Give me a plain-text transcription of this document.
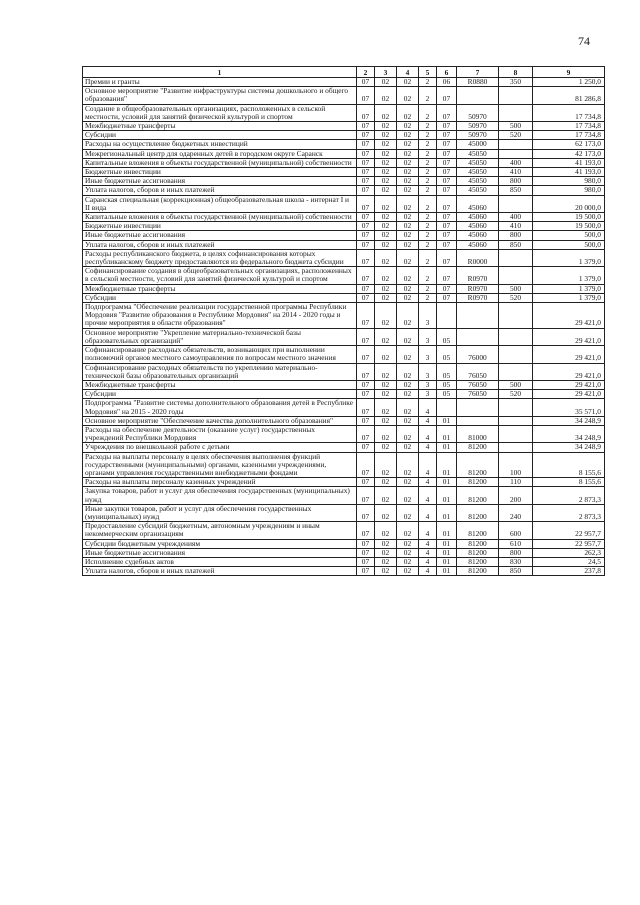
74
1	2	3	4	5	6	7	8	9
Премии и гранты	07	02	02	2	06	R0880	350	1 250,0
Основное мероприятие "Развитие инфраструктуры системы дошкольного и общего образования"	07	02	02	2	07			81 286,8
Создание в общеобразовательных организациях, расположенных в сельской местности, условий для занятий физической культурой и спортом	07	02	02	2	07	50970		17 734,8
Межбюджетные трансферты	07	02	02	2	07	50970	500	17 734,8
Субсидии	07	02	02	2	07	50970	520	17 734,8
Расходы на осуществление бюджетных инвестиций	07	02	02	2	07	45000		62 173,0
Межрегиональный центр для одаренных детей в городском округе Саранск	07	02	02	2	07	45050		42 173,0
Капитальные вложения в объекты государственной (муниципальной) собственности	07	02	02	2	07	45050	400	41 193,0
Бюджетные инвестиции	07	02	02	2	07	45050	410	41 193,0
Иные бюджетные ассигнования	07	02	02	2	07	45050	800	980,0
Уплата налогов, сборов и иных платежей	07	02	02	2	07	45050	850	980,0
Саранская специальная (коррекционная) общеобразовательная школа - интернат I и II вида	07	02	02	2	07	45060		20 000,0
Капитальные вложения в объекты государственной (муниципальной) собственности	07	02	02	2	07	45060	400	19 500,0
Бюджетные инвестиции	07	02	02	2	07	45060	410	19 500,0
Иные бюджетные ассигнования	07	02	02	2	07	45060	800	500,0
Уплата налогов, сборов и иных платежей	07	02	02	2	07	45060	850	500,0
Расходы республиканского бюджета, в целях софинансирования которых республиканскому бюджету предоставляются из федерального бюджета субсидии	07	02	02	2	07	R0000		1 379,0
Софинансирование создания в общеобразовательных организациях, расположенных в сельской местности, условий для занятий физической культурой и спортом	07	02	02	2	07	R0970		1 379,0
Межбюджетные трансферты	07	02	02	2	07	R0970	500	1 379,0
Субсидии	07	02	02	2	07	R0970	520	1 379,0
Подпрограмма "Обеспечение реализации государственной программы Республики Мордовия "Развитие образования в Республике Мордовия" на 2014 - 2020 годы и прочие мероприятия в области образования"	07	02	02	3				29 421,0
Основное мероприятие "Укрепление материально-технической базы образовательных организаций"	07	02	02	3	05			29 421,0
Софинансирование расходных обязательств, возникающих при выполнении полномочий органов местного самоуправления по вопросам местного значения	07	02	02	3	05	76000		29 421,0
Софинансирование расходных обязательств по укреплению материально-технической базы образовательных организаций	07	02	02	3	05	76050		29 421,0
Межбюджетные трансферты	07	02	02	3	05	76050	500	29 421,0
Субсидии	07	02	02	3	05	76050	520	29 421,0
Подпрограмма "Развитие системы дополнительного образования детей в Республике Мордовия" на 2015 - 2020 годы	07	02	02	4				35 571,0
Основное мероприятие "Обеспечение качества дополнительного образования"	07	02	02	4	01			34 248,9
Расходы на обеспечение деятельности (оказание услуг) государственных учреждений Республики Мордовия	07	02	02	4	01	81000		34 248,9
Учреждения по внешкольной работе с детьми	07	02	02	4	01	81200		34 248,9
Расходы на выплаты персоналу в целях обеспечения выполнения функций государственными (муниципальными) органами, казенными учреждениями, органами управления государственными внебюджетными фондами	07	02	02	4	01	81200	100	8 155,6
Расходы на выплаты персоналу казенных учреждений	07	02	02	4	01	81200	110	8 155,6
Закупка товаров, работ и услуг для обеспечения государственных (муниципальных) нужд	07	02	02	4	01	81200	200	2 873,3
Иные закупки товаров, работ и услуг для обеспечения государственных (муниципальных) нужд	07	02	02	4	01	81200	240	2 873,3
Предоставление субсидий бюджетным, автономным учреждениям и иным некоммерческим организациям	07	02	02	4	01	81200	600	22 957,7
Субсидии бюджетным учреждениям	07	02	02	4	01	81200	610	22 957,7
Иные бюджетные ассигнования	07	02	02	4	01	81200	800	262,3
Исполнение судебных актов	07	02	02	4	01	81200	830	24,5
Уплата налогов, сборов и иных платежей	07	02	02	4	01	81200	850	237,8
